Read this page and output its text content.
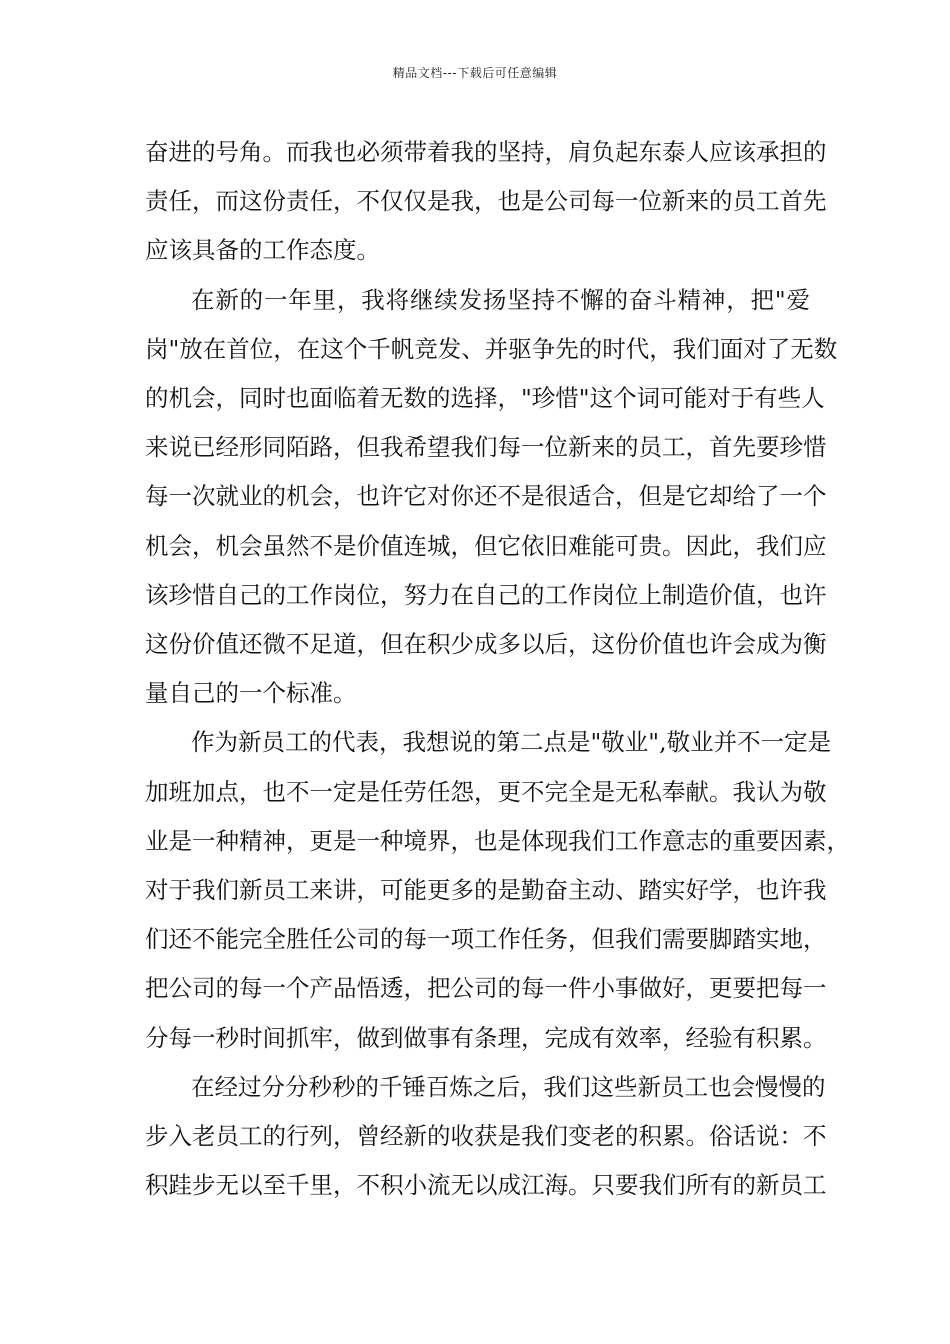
精品文档---下载后可任意编辑
奋进的号角。而我也必须带着我的坚持，肩负起东泰人应该承担的
责任，而这份责任，不仅仅是我，也是公司每一位新来的员工首先
应该具备的工作态度。
在新的一年里，我将继续发扬坚持不懈的奋斗精神，把"爱
岗"放在首位，在这个千帆竞发、并驱争先的时代，我们面对了无数
的机会，同时也面临着无数的选择，"珍惜"这个词可能对于有些人
来说已经形同陌路，但我希望我们每一位新来的员工，首先要珍惜
每一次就业的机会，也许它对你还不是很适合，但是它却给了一个
机会，机会虽然不是价值连城，但它依旧难能可贵。因此，我们应
该珍惜自己的工作岗位，努力在自己的工作岗位上制造价值，也许
这份价值还微不足道，但在积少成多以后，这份价值也许会成为衡
量自己的一个标准。
作为新员工的代表，我想说的第二点是"敬业",敬业并不一定是
加班加点，也不一定是任劳任怨，更不完全是无私奉献。我认为敬
业是一种精神，更是一种境界，也是体现我们工作意志的重要因素，
对于我们新员工来讲，可能更多的是勤奋主动、踏实好学，也许我
们还不能完全胜任公司的每一项工作任务，但我们需要脚踏实地，
把公司的每一个产品悟透，把公司的每一件小事做好，更要把每一
分每一秒时间抓牢，做到做事有条理，完成有效率，经验有积累。
在经过分分秒秒的千锤百炼之后，我们这些新员工也会慢慢的
步入老员工的行列，曾经新的收获是我们变老的积累。俗话说：不
积跬步无以至千里，不积小流无以成江海。只要我们所有的新员工
